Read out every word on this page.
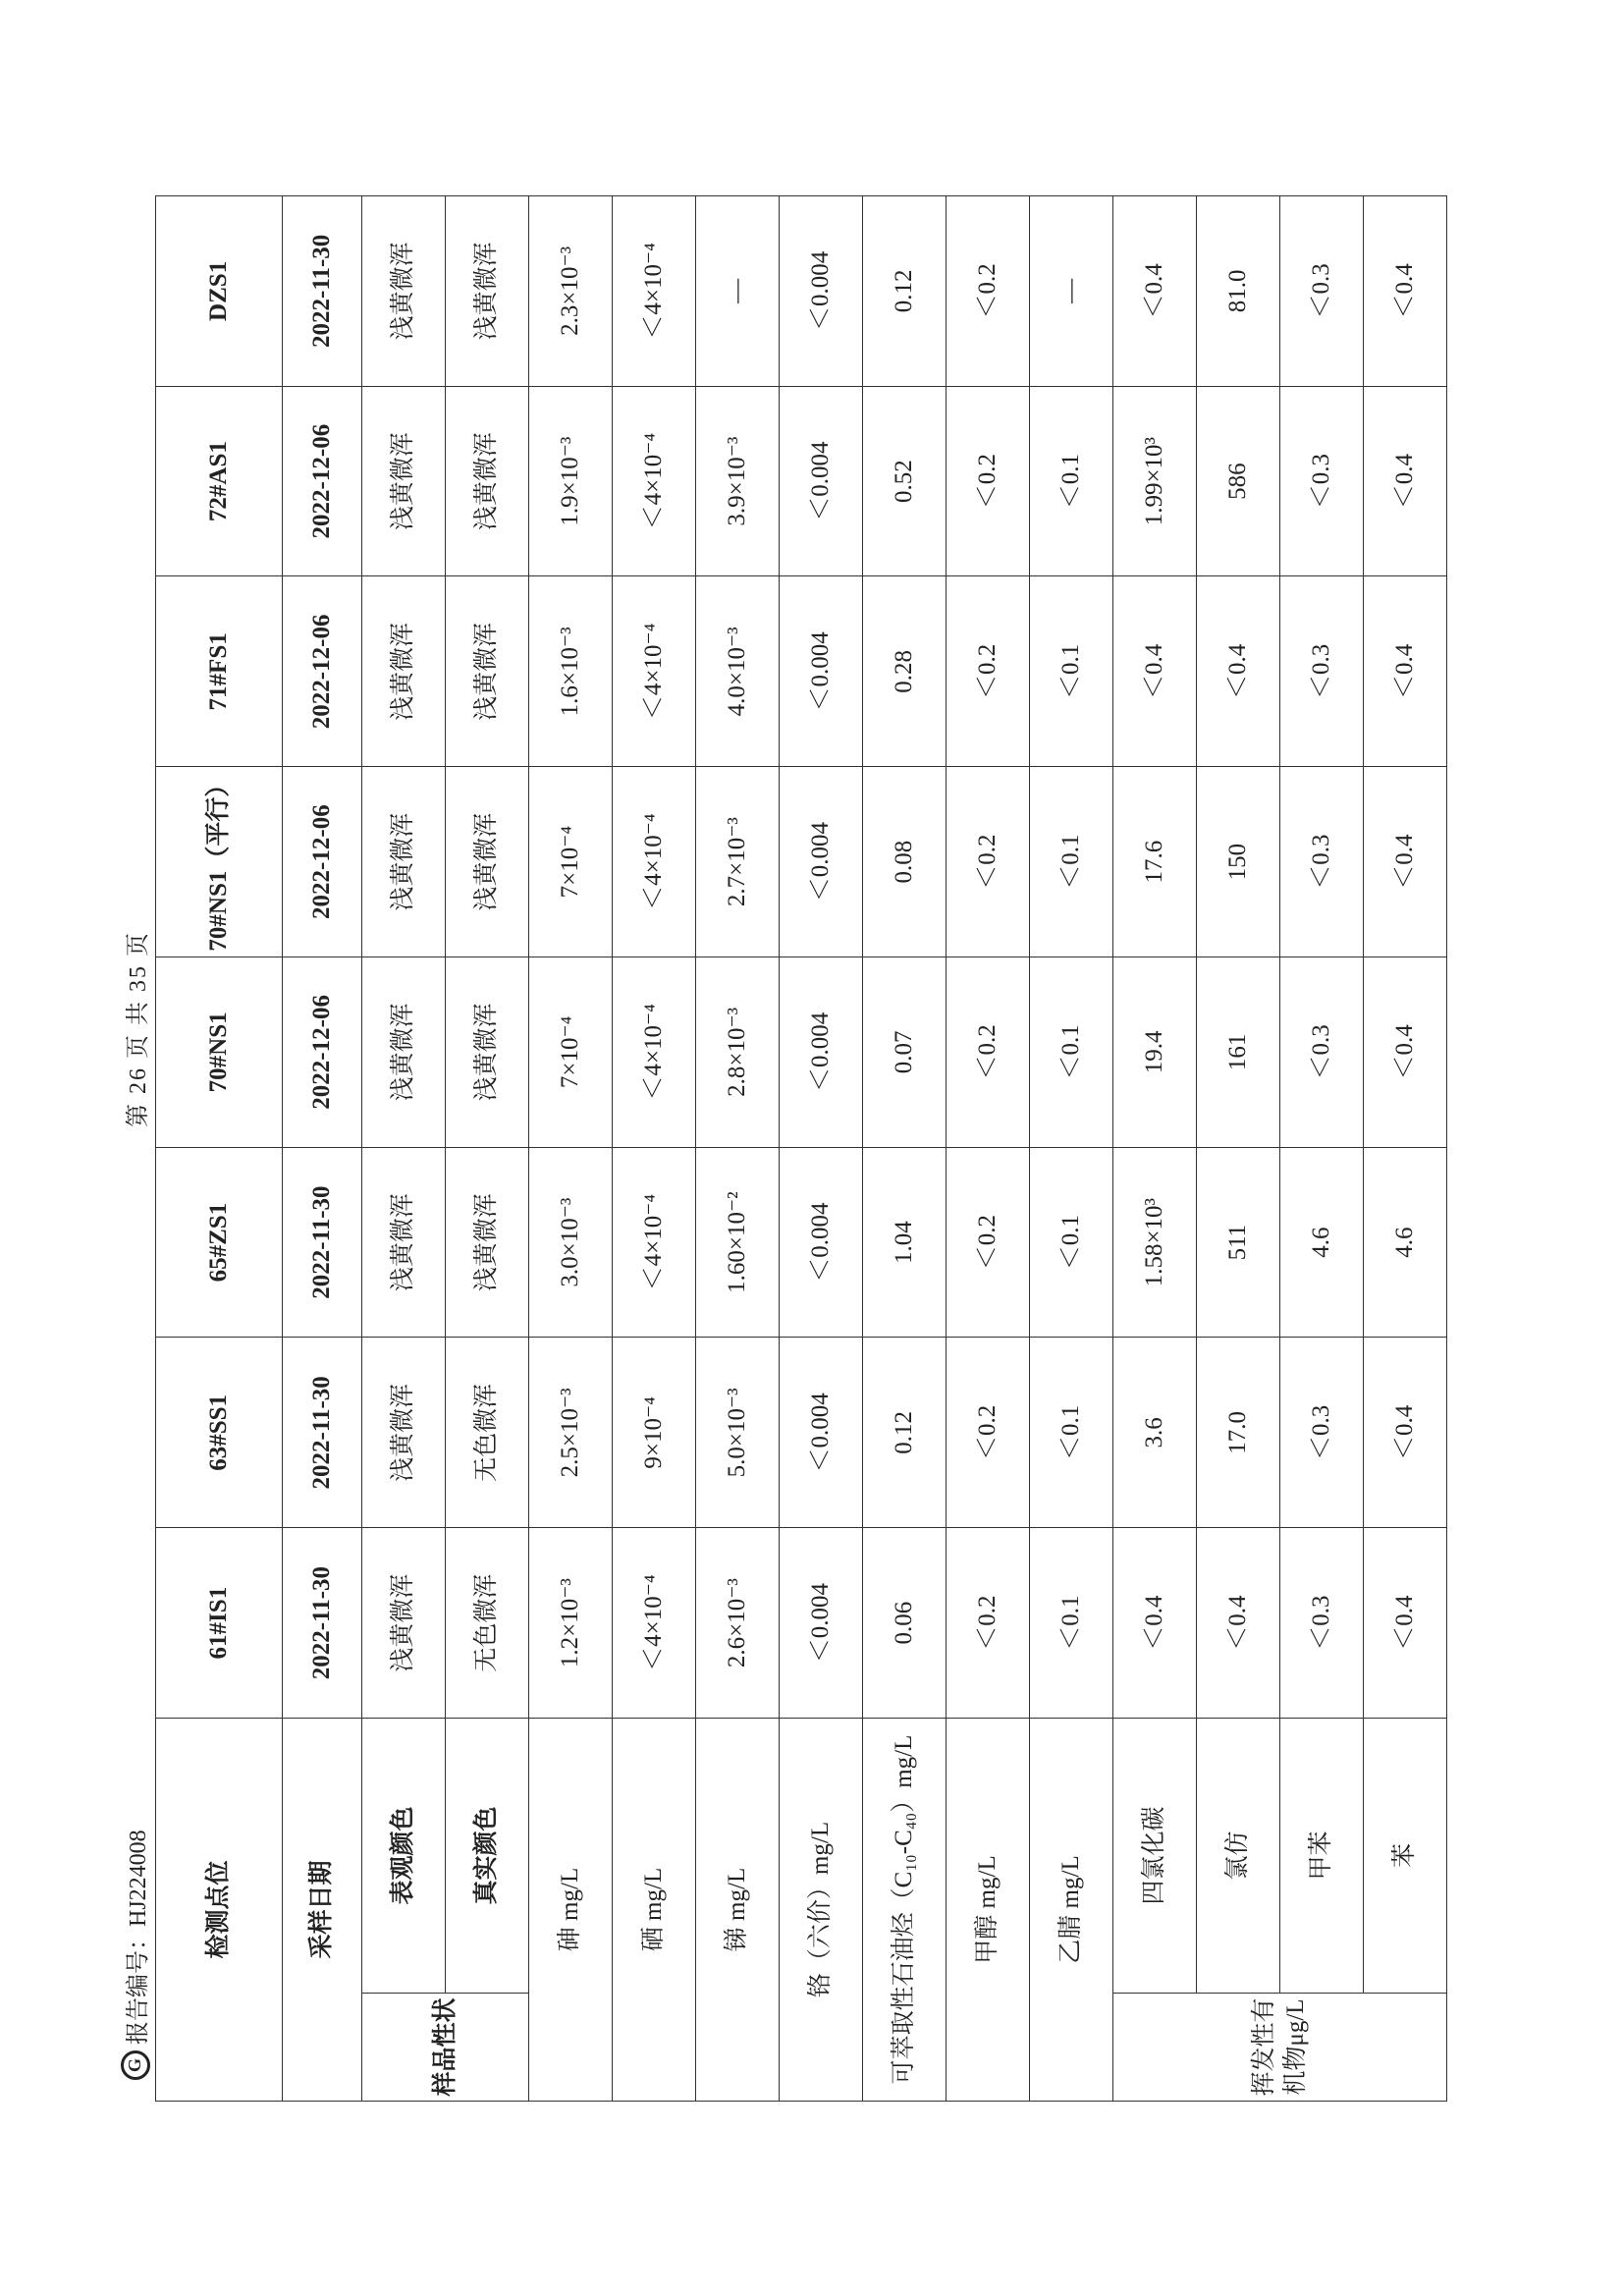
G
报告编号：HJ224008
第 26 页 共 35 页
检测点位		61#IS1	63#SS1	65#ZS1	70#NS1	70#NS1（平行）	71#FS1	72#AS1	DZS1
采样日期		2022-11-30	2022-11-30	2022-11-30	2022-12-06	2022-12-06	2022-12-06	2022-12-06	2022-11-30
样品性状	表观颜色	浅黄微浑	浅黄微浑	浅黄微浑	浅黄微浑	浅黄微浑	浅黄微浑	浅黄微浑	浅黄微浑
	真实颜色	无色微浑	无色微浑	浅黄微浑	浅黄微浑	浅黄微浑	浅黄微浑	浅黄微浑	浅黄微浑
砷 mg/L		1.2×10⁻³	2.5×10⁻³	3.0×10⁻³	7×10⁻⁴	7×10⁻⁴	1.6×10⁻³	1.9×10⁻³	2.3×10⁻³
硒 mg/L		＜4×10⁻⁴	9×10⁻⁴	＜4×10⁻⁴	＜4×10⁻⁴	＜4×10⁻⁴	＜4×10⁻⁴	＜4×10⁻⁴	＜4×10⁻⁴
锑 mg/L		2.6×10⁻³	5.0×10⁻³	1.60×10⁻²	2.8×10⁻³	2.7×10⁻³	4.0×10⁻³	3.9×10⁻³	—
铬（六价）mg/L		＜0.004	＜0.004	＜0.004	＜0.004	＜0.004	＜0.004	＜0.004	＜0.004
可萃取性石油烃（C₁₀-C₄₀）mg/L		0.06	0.12	1.04	0.07	0.08	0.28	0.52	0.12
甲醇 mg/L		＜0.2	＜0.2	＜0.2	＜0.2	＜0.2	＜0.2	＜0.2	＜0.2
乙腈 mg/L		＜0.1	＜0.1	＜0.1	＜0.1	＜0.1	＜0.1	＜0.1	—
挥发性有机物μg/L	四氯化碳	＜0.4	3.6	1.58×10³	19.4	17.6	＜0.4	1.99×10³	＜0.4
	氯仿	＜0.4	17.0	511	161	150	＜0.4	586	81.0
	甲苯	＜0.3	＜0.3	4.6	＜0.3	＜0.3	＜0.3	＜0.3	＜0.3
	苯	＜0.4	＜0.4	4.6	＜0.4	＜0.4	＜0.4	＜0.4	＜0.4
